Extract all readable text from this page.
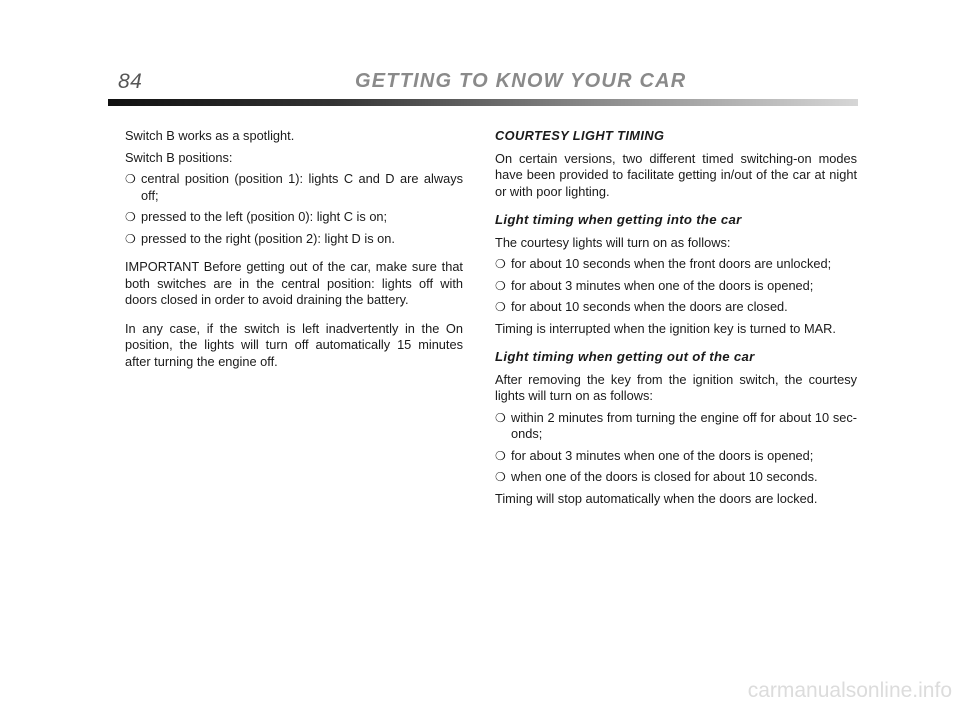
84	GETTING TO KNOW YOUR CAR

Switch B works as a spotlight.

Switch B positions:

❍ central position (position 1): lights C and D are always off;
❍ pressed to the left (position 0): light C is on;
❍ pressed to the right (position 2): light D is on.

IMPORTANT Before getting out of the car, make sure that both switches are in the central position: lights off with doors closed in order to avoid draining the battery.

In any case, if the switch is left inadvertently in the On position, the lights will turn off automatically 15 minutes after turning the engine off.

COURTESY LIGHT TIMING

On certain versions, two different timed switching-on modes have been provided to facilitate getting in/out of the car at night or with poor lighting.

Light timing when getting into the car

The courtesy lights will turn on as follows:

❍ for about 10 seconds when the front doors are unlocked;
❍ for about 3 minutes when one of the doors is opened;
❍ for about 10 seconds when the doors are closed.

Timing is interrupted when the ignition key is turned to MAR.

Light timing when getting out of the car

After removing the key from the ignition switch, the courtesy lights will turn on as follows:

❍ within 2 minutes from turning the engine off for about 10 sec-onds;
❍ for about 3 minutes when one of the doors is opened;
❍ when one of the doors is closed for about 10 seconds.

Timing will stop automatically when the doors are locked.

carmanualsonline.info
